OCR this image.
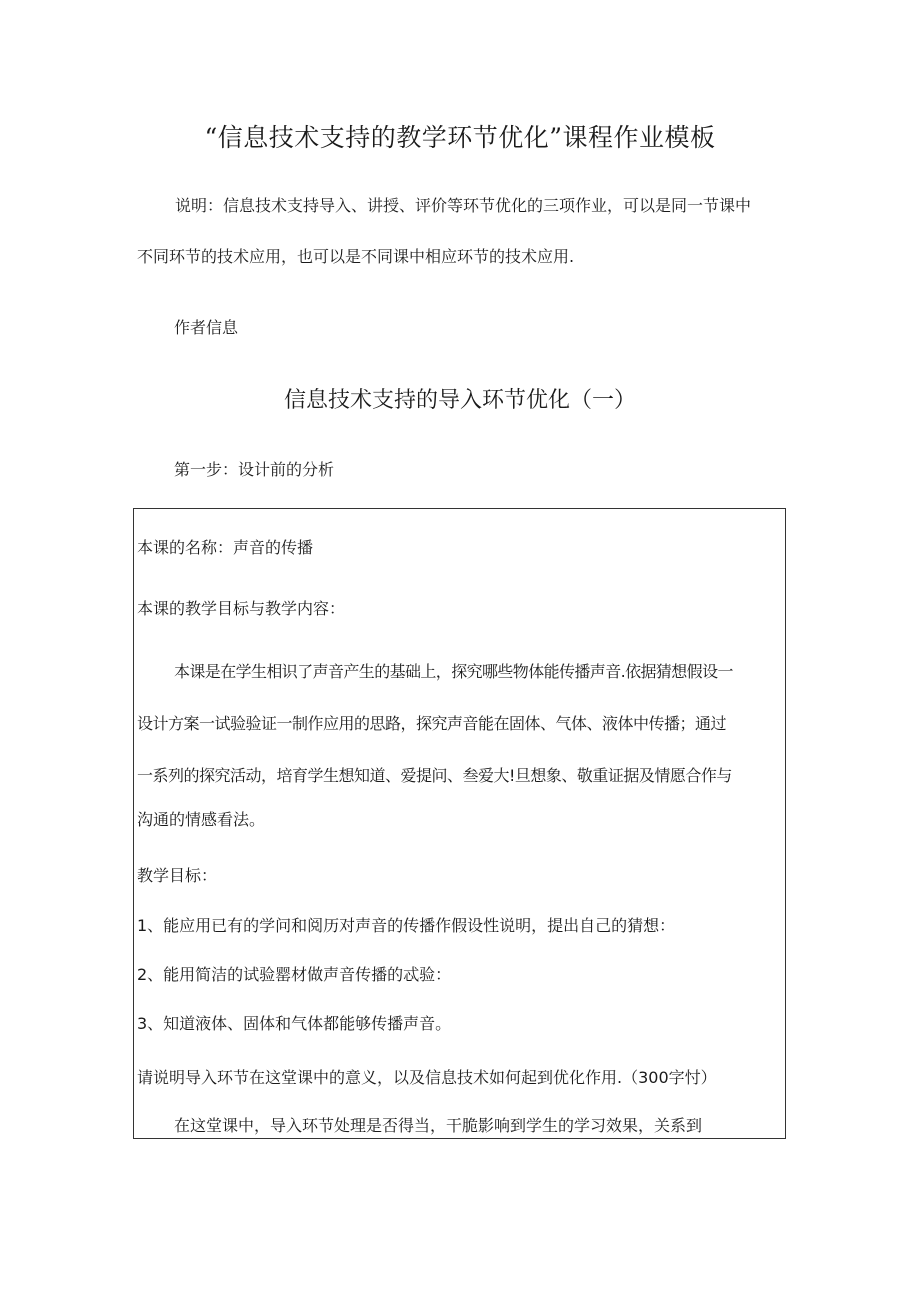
“信息技术支持的教学环节优化”课程作业模板
说明：信息技术支持导入、讲授、评价等环节优化的三项作业，可以是同一节课中
不同环节的技术应用，也可以是不同课中相应环节的技术应用.
作者信息
信息技术支持的导入环节优化（一）
第一步：设计前的分析
本课的名称：声音的传播
本课的教学目标与教学内容：
本课是在学生相识了声音产生的基础上，探究哪些物体能传播声音.依据猜想假设一
设计方案一试验验证一制作应用的思路，探究声音能在固体、气体、液体中传播；通过
一系列的探究活动，培育学生想知道、爱提问、叁爱大!旦想象、敬重证据及情愿合作与
沟通的情感看法。
教学目标：
1、能应用已有的学问和阅历对声音的传播作假设性说明，提出自己的猜想：
2、能用简洁的试验罂材做声音传播的忒验：
3、知道液体、固体和气体都能够传播声音。
请说明导入环节在这堂课中的意义，以及信息技术如何起到优化作用.（300字忖）
在这堂课中，导入环节处理是否得当，干脆影响到学生的学习效果，关系到
